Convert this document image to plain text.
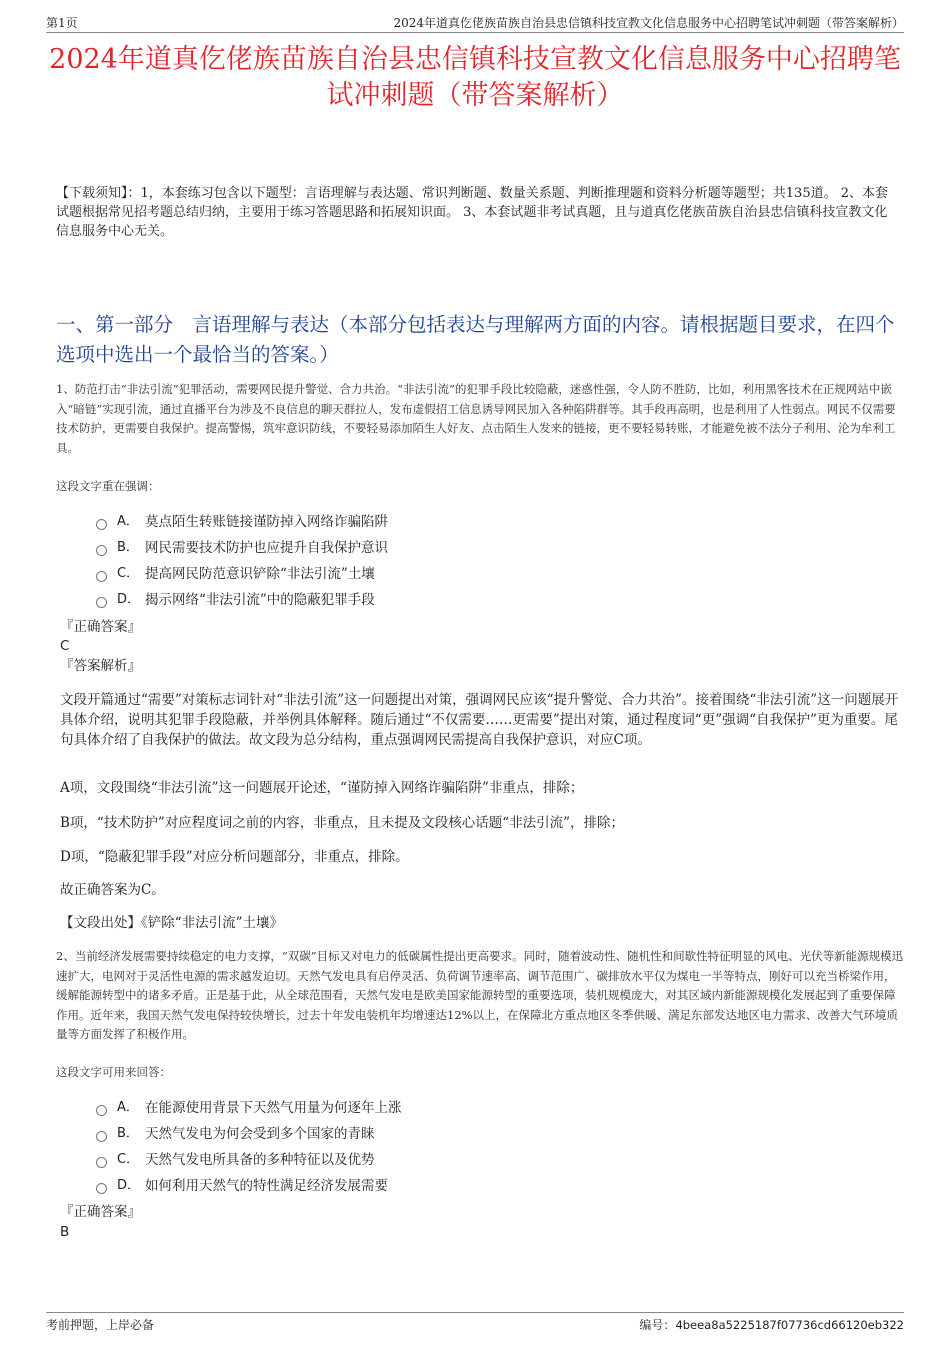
第1页	2024年道真仡佬族苗族自治县忠信镇科技宣教文化信息服务中心招聘笔试冲刺题（带答案解析）
2024年道真仡佬族苗族自治县忠信镇科技宣教文化信息服务中心招聘笔试冲刺题（带答案解析）
【下载须知】：1，本套练习包含以下题型：言语理解与表达题、常识判断题、数量关系题、判断推理题和资料分析题等题型；共135道。 2、本套试题根据常见招考题总结归纳，主要用于练习答题思路和拓展知识面。 3、本套试题非考试真题，且与道真仡佬族苗族自治县忠信镇科技宣教文化信息服务中心无关。
一、第一部分　言语理解与表达（本部分包括表达与理解两方面的内容。请根据题目要求，在四个选项中选出一个最恰当的答案。）
1、防范打击“非法引流”犯罪活动，需要网民提升警觉、合力共治。“非法引流”的犯罪手段比较隐蔽，迷惑性强，令人防不胜防，比如，利用黑客技术在正规网站中嵌入“暗链”实现引流，通过直播平台为涉及不良信息的聊天群拉人，发布虚假招工信息诱导网民加入各种陷阱群等。其手段再高明，也是利用了人性弱点。网民不仅需要技术防护，更需要自我保护。提高警惕，筑牢意识防线，不要轻易添加陌生人好友、点击陌生人发来的链接，更不要轻易转账，才能避免被不法分子利用、沦为牟利工具。
这段文字重在强调：
A． 莫点陌生转账链接谨防掉入网络诈骗陷阱
B． 网民需要技术防护也应提升自我保护意识
C． 提高网民防范意识铲除“非法引流”土壤
D． 揭示网络“非法引流”中的隐蔽犯罪手段
『正确答案』
C
『答案解析』
文段开篇通过“需要”对策标志词针对“非法引流”这一问题提出对策，强调网民应该“提升警觉、合力共治”。接着围绕“非法引流”这一问题展开具体介绍，说明其犯罪手段隐蔽，并举例具体解释。随后通过“不仅需要……更需要”提出对策，通过程度词“更”强调“自我保护”更为重要。尾句具体介绍了自我保护的做法。故文段为总分结构，重点强调网民需提高自我保护意识，对应C项。
A项，文段围绕“非法引流”这一问题展开论述，“谨防掉入网络诈骗陷阱”非重点，排除；
B项，“技术防护”对应程度词之前的内容，非重点，且未提及文段核心话题“非法引流”，排除；
D项，“隐蔽犯罪手段”对应分析问题部分，非重点，排除。
故正确答案为C。
【文段出处】《铲除“非法引流”土壤》
2、当前经济发展需要持续稳定的电力支撑，“双碳”目标又对电力的低碳属性提出更高要求。同时，随着波动性、随机性和间歇性特征明显的风电、光伏等新能源规模迅速扩大，电网对于灵活性电源的需求越发迫切。天然气发电具有启停灵活、负荷调节速率高、调节范围广、碳排放水平仅为煤电一半等特点，刚好可以充当桥梁作用，缓解能源转型中的诸多矛盾。正是基于此，从全球范围看，天然气发电是欧美国家能源转型的重要选项，装机规模庞大，对其区域内新能源规模化发展起到了重要保障作用。近年来，我国天然气发电保持较快增长，过去十年发电装机年均增速达12%以上，在保障北方重点地区冬季供暖、满足东部发达地区电力需求、改善大气环境质量等方面发挥了积极作用。
这段文字可用来回答：
A． 在能源使用背景下天然气用量为何逐年上涨
B． 天然气发电为何会受到多个国家的青睐
C． 天然气发电所具备的多种特征以及优势
D． 如何利用天然气的特性满足经济发展需要
『正确答案』
B
考前押题，上岸必备	编号：4beea8a5225187f07736cd66120eb322
